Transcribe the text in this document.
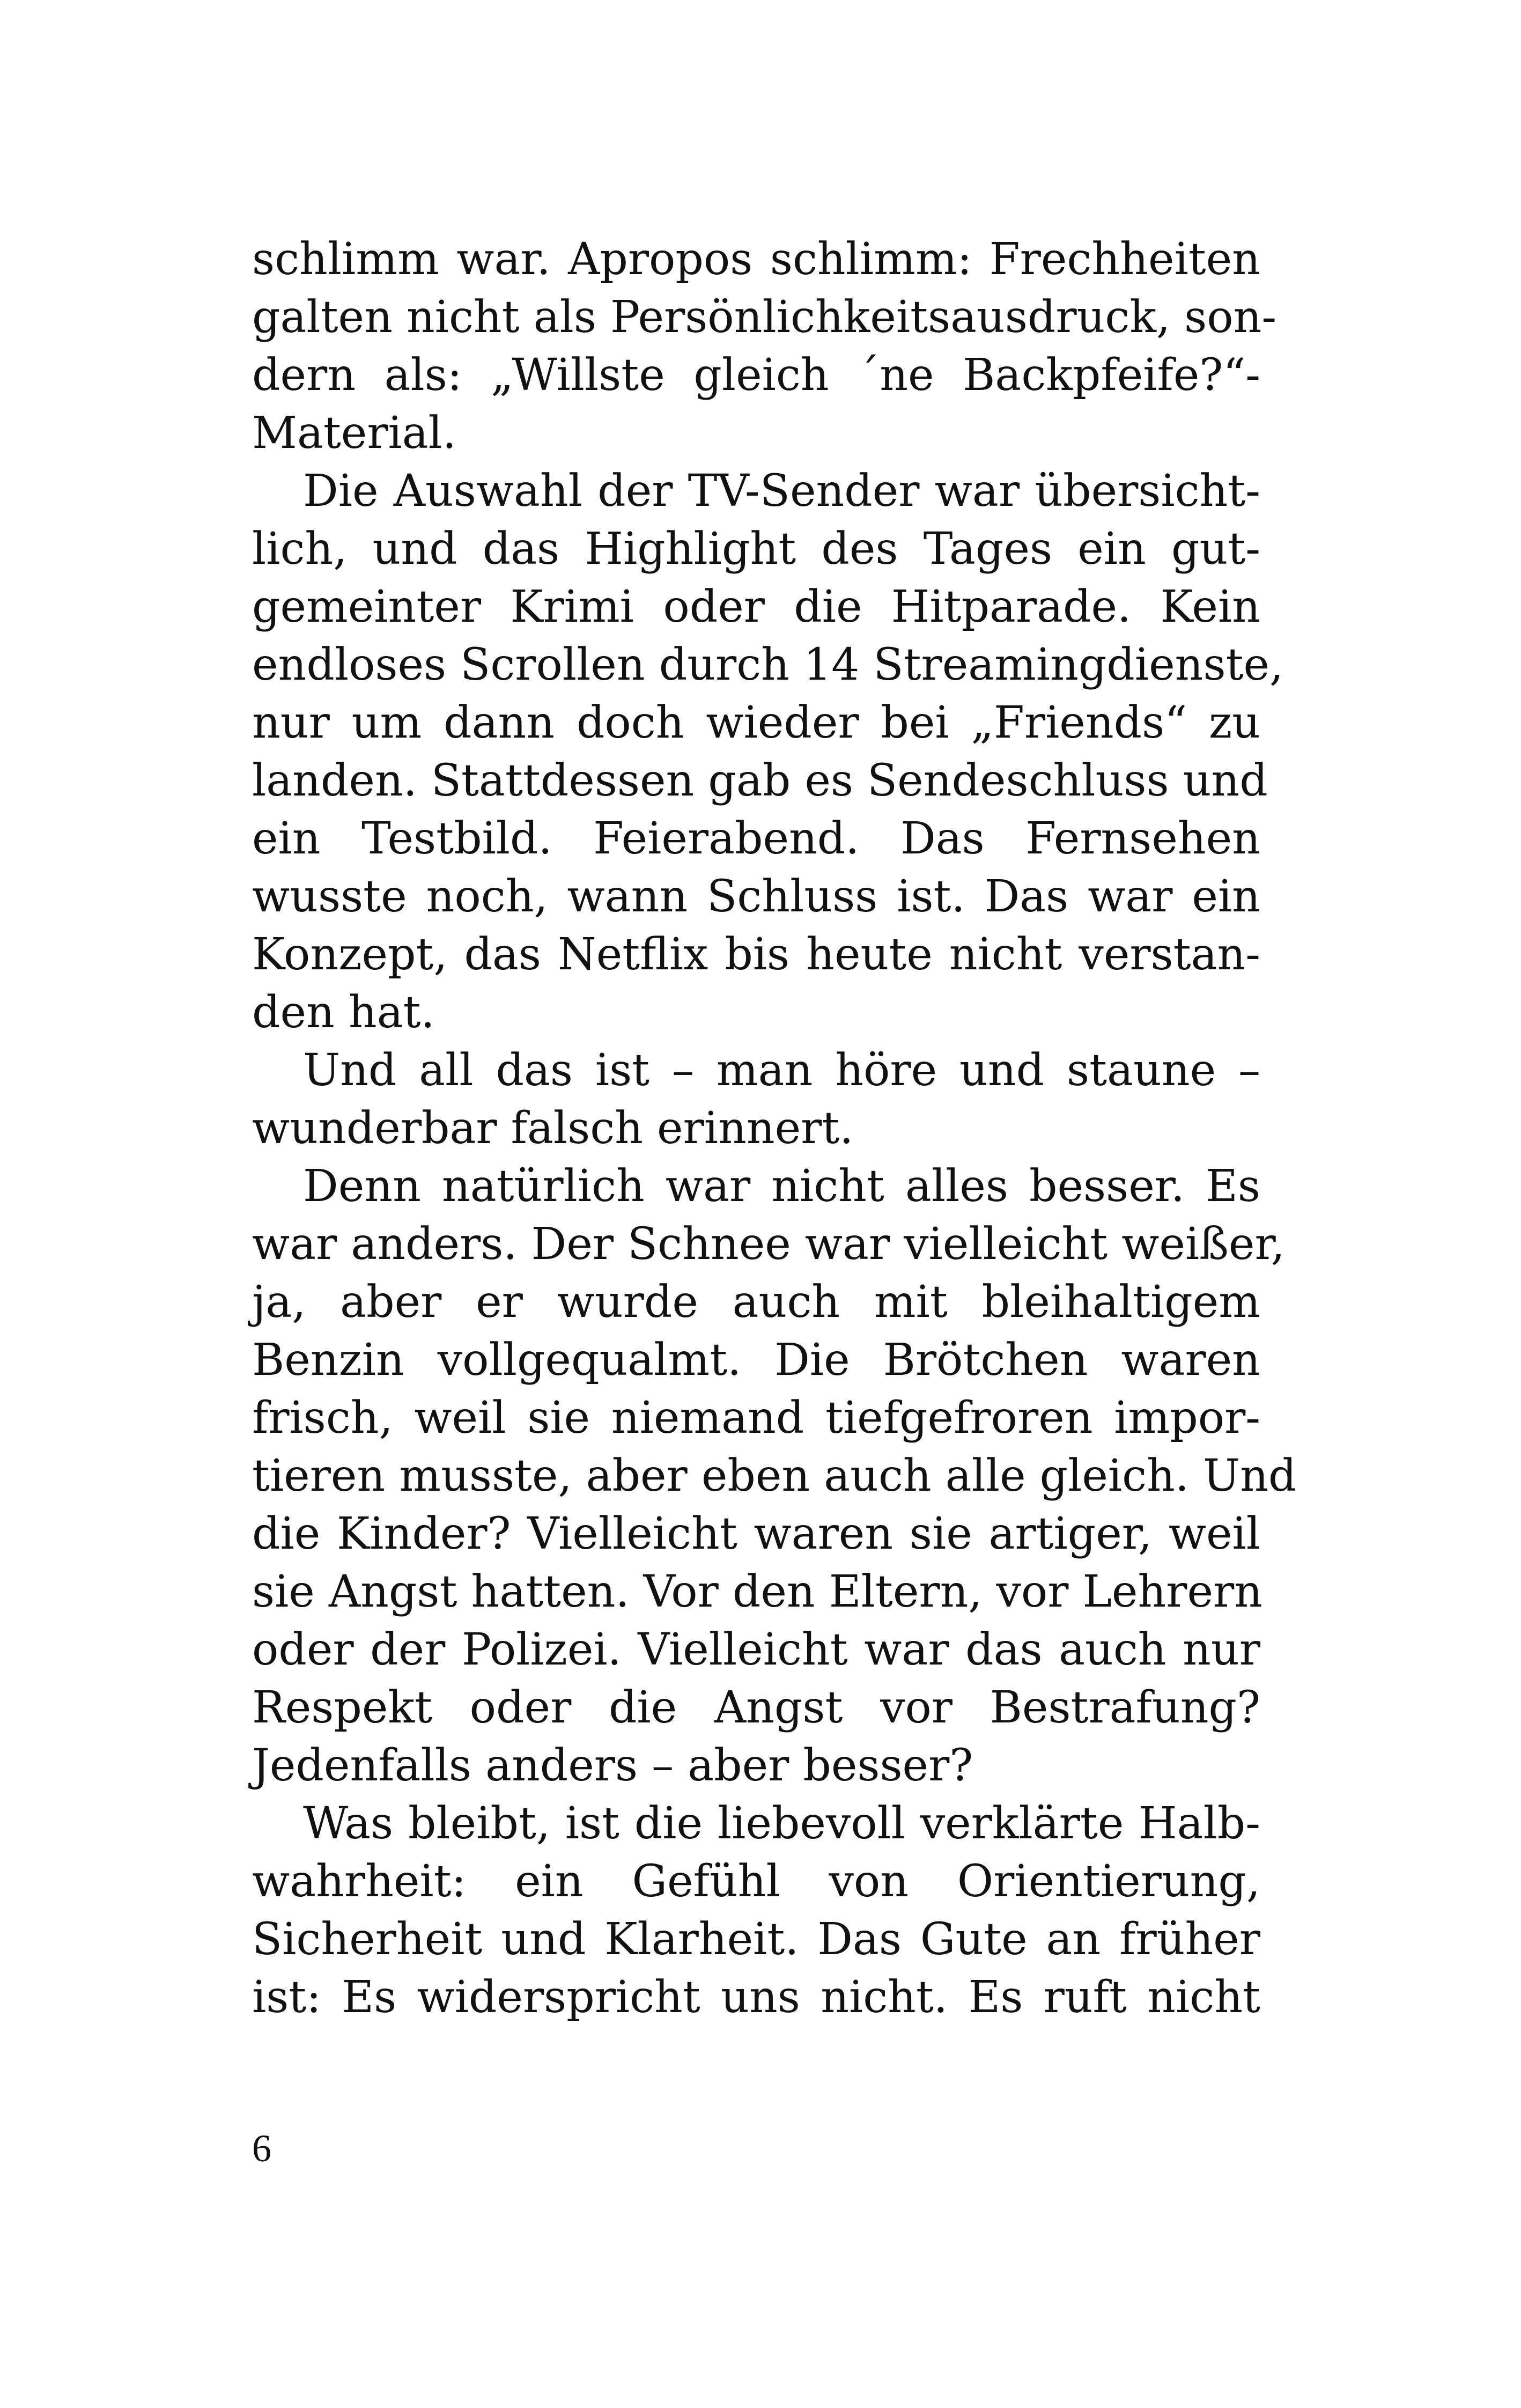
schlimm war. Apropos schlimm: Frechheiten
galten nicht als Persönlichkeitsausdruck, son-
dern als: „Willste gleich ´ne Backpfeife?“-
Material.
Die Auswahl der TV-Sender war übersicht-
lich, und das Highlight des Tages ein gut-
gemeinter Krimi oder die Hitparade. Kein
endloses Scrollen durch 14 Streamingdienste,
nur um dann doch wieder bei „Friends“ zu
landen. Stattdessen gab es Sendeschluss und
ein Testbild. Feierabend. Das Fernsehen
wusste noch, wann Schluss ist. Das war ein
Konzept, das Netflix bis heute nicht verstan-
den hat.
Und all das ist – man höre und staune –
wunderbar falsch erinnert.
Denn natürlich war nicht alles besser. Es
war anders. Der Schnee war vielleicht weißer,
ja, aber er wurde auch mit bleihaltigem
Benzin vollgequalmt. Die Brötchen waren
frisch, weil sie niemand tiefgefroren impor-
tieren musste, aber eben auch alle gleich. Und
die Kinder? Vielleicht waren sie artiger, weil
sie Angst hatten. Vor den Eltern, vor Lehrern
oder der Polizei. Vielleicht war das auch nur
Respekt oder die Angst vor Bestrafung?
Jedenfalls anders – aber besser?
Was bleibt, ist die liebevoll verklärte Halb-
wahrheit: ein Gefühl von Orientierung,
Sicherheit und Klarheit. Das Gute an früher
ist: Es widerspricht uns nicht. Es ruft nicht
6
